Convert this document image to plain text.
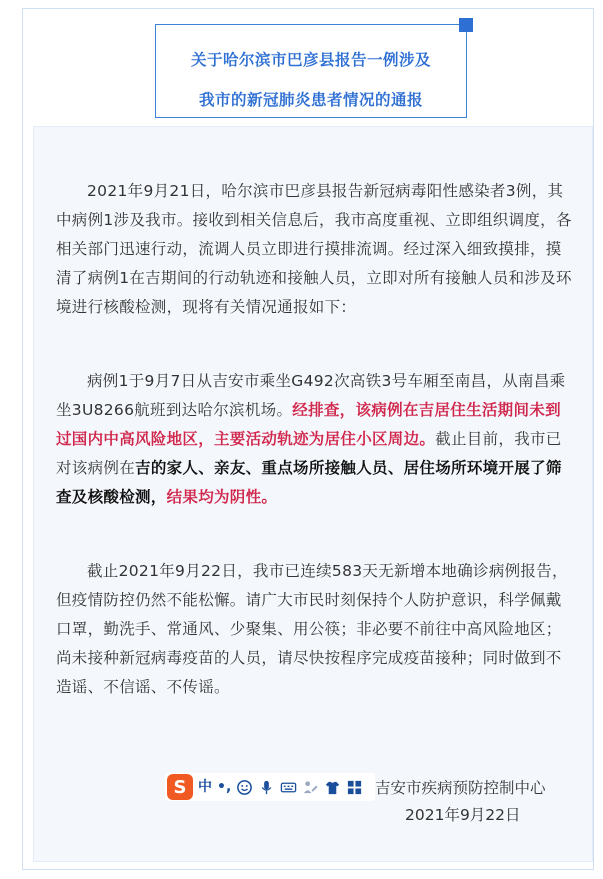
关于哈尔滨市巴彦县报告一例涉及
我市的新冠肺炎患者情况的通报

2021年9月21日，哈尔滨市巴彦县报告新冠病毒阳性感染者3例，其中病例1涉及我市。接收到相关信息后，我市高度重视、立即组织调度，各相关部门迅速行动，流调人员立即进行摸排流调。经过深入细致摸排，摸清了病例1在吉期间的行动轨迹和接触人员，立即对所有接触人员和涉及环境进行核酸检测，现将有关情况通报如下：

病例1于9月7日从吉安市乘坐G492次高铁3号车厢至南昌，从南昌乘坐3U8266航班到达哈尔滨机场。经排查，该病例在吉居住生活期间未到过国内中高风险地区，主要活动轨迹为居住小区周边。截止目前，我市已对该病例在吉的家人、亲友、重点场所接触人员、居住场所环境开展了筛查及核酸检测，结果均为阴性。

截止2021年9月22日，我市已连续583天无新增本地确诊病例报告，但疫情防控仍然不能松懈。请广大市民时刻保持个人防护意识，科学佩戴口罩，勤洗手、常通风、少聚集、用公筷；非必要不前往中高风险地区；尚未接种新冠病毒疫苗的人员，请尽快按程序完成疫苗接种；同时做到不造谣、不信谣、不传谣。

S 中 •,	吉安市疾病预防控制中心
2021年9月22日
